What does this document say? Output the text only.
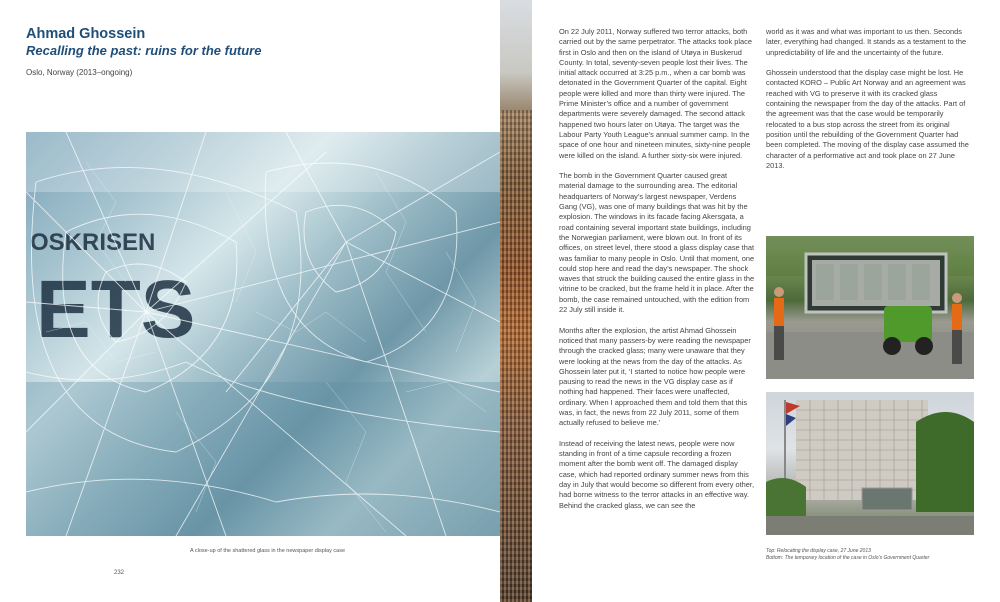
Ahmad Ghossein
Recalling the past: ruins for the future
Oslo, Norway (2013–ongoing)
OSKRISEN
ETS
A close-up of the shattered glass in the newspaper display case
232

On 22 July 2011, Norway suffered two terror attacks, both carried out by the same perpetrator. The attacks took place first in Oslo and then on the island of Utøya in Buskerud County. In total, seventy-seven people lost their lives. The initial attack occurred at 3:25 p.m., when a car bomb was detonated in the Government Quarter of the capital. Eight people were killed and more than thirty were injured. The Prime Minister’s office and a number of government departments were severely damaged. The second attack happened two hours later on Utøya. The target was the Labour Party Youth League’s annual summer camp. In the space of one hour and nineteen minutes, sixty-nine people were killed on the island. A further sixty-six were injured.

The bomb in the Government Quarter caused great material damage to the surrounding area. The editorial headquarters of Norway’s largest newspaper, Verdens Gang (VG), was one of many buildings that was hit by the explosion. The windows in its facade facing Akersgata, a road containing several important state buildings, including the Norwegian parliament, were blown out. In front of its offices, on street level, there stood a glass display case that was familiar to many people in Oslo. Until that moment, one could stop here and read the day’s newspaper. The shock waves that struck the building caused the entire glass in the vitrine to be cracked, but the frame held it in place. After the bomb, the case remained untouched, with the edition from 22 July still inside it.

Months after the explosion, the artist Ahmad Ghossein noticed that many passers-by were reading the newspaper through the cracked glass; many were unaware that they were looking at the news from the day of the attacks. As Ghossein later put it, ‘I started to notice how people were pausing to read the news in the VG display case as if nothing had happened. Their faces were unaffected, ordinary. When I approached them and told them that this was, in fact, the news from 22 July 2011, some of them actually refused to believe me.’

Instead of receiving the latest news, people were now standing in front of a time capsule recording a frozen moment after the bomb went off. The damaged display case, which had reported ordinary summer news from this day in July that would become so different from every other, had borne witness to the terror attacks in an effective way. Behind the cracked glass, we can see the

world as it was and what was important to us then. Seconds later, everything had changed. It stands as a testament to the unpredictability of life and the uncertainty of the future.

Ghossein understood that the display case might be lost. He contacted KORO – Public Art Norway and an agreement was reached with VG to preserve it with its cracked glass containing the newspaper from the day of the attacks. Part of the agreement was that the case would be temporarily relocated to a bus stop across the street from its original position until the rebuilding of the Government Quarter had been completed. The moving of the display case assumed the character of a performative act and took place on 27 June 2013.

Top: Relocating the display case, 27 June 2013
Bottom: The temporary location of the case in Oslo’s Government Quarter
